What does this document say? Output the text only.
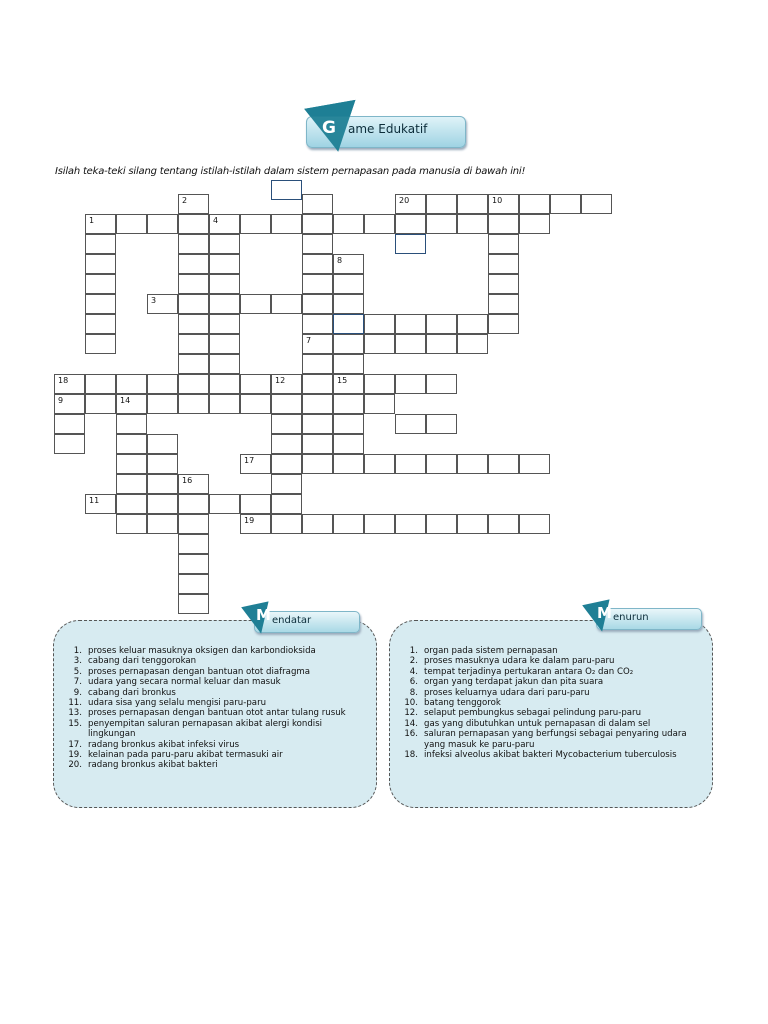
G ame Edukatif
Isilah teka-teki silang tentang istilah-istilah dalam sistem pernapasan pada manusia di bawah ini!
1
2
3
4
7
8
9
10
11
12
14
15
16
17
18
19
20
M endatar
1. proses keluar masuknya oksigen dan karbondioksida
3. cabang dari tenggorokan
5. proses pernapasan dengan bantuan otot diafragma
7. udara yang secara normal keluar dan masuk
9. cabang dari bronkus
11. udara sisa yang selalu mengisi paru-paru
13. proses pernapasan dengan bantuan otot antar tulang rusuk
15. penyempitan saluran pernapasan akibat alergi kondisi lingkungan
17. radang bronkus akibat infeksi virus
19. kelainan pada paru-paru akibat termasuki air
20. radang bronkus akibat bakteri
M enurun
1. organ pada sistem pernapasan
2. proses masuknya udara ke dalam paru-paru
4. tempat terjadinya pertukaran antara O₂ dan CO₂
6. organ yang terdapat jakun dan pita suara
8. proses keluarnya udara dari paru-paru
10. batang tenggorok
12. selaput pembungkus sebagai pelindung paru-paru
14. gas yang dibutuhkan untuk pernapasan di dalam sel
16. saluran pernapasan yang berfungsi sebagai penyaring udara yang masuk ke paru-paru
18. infeksi alveolus akibat bakteri Mycobacterium tuberculosis
